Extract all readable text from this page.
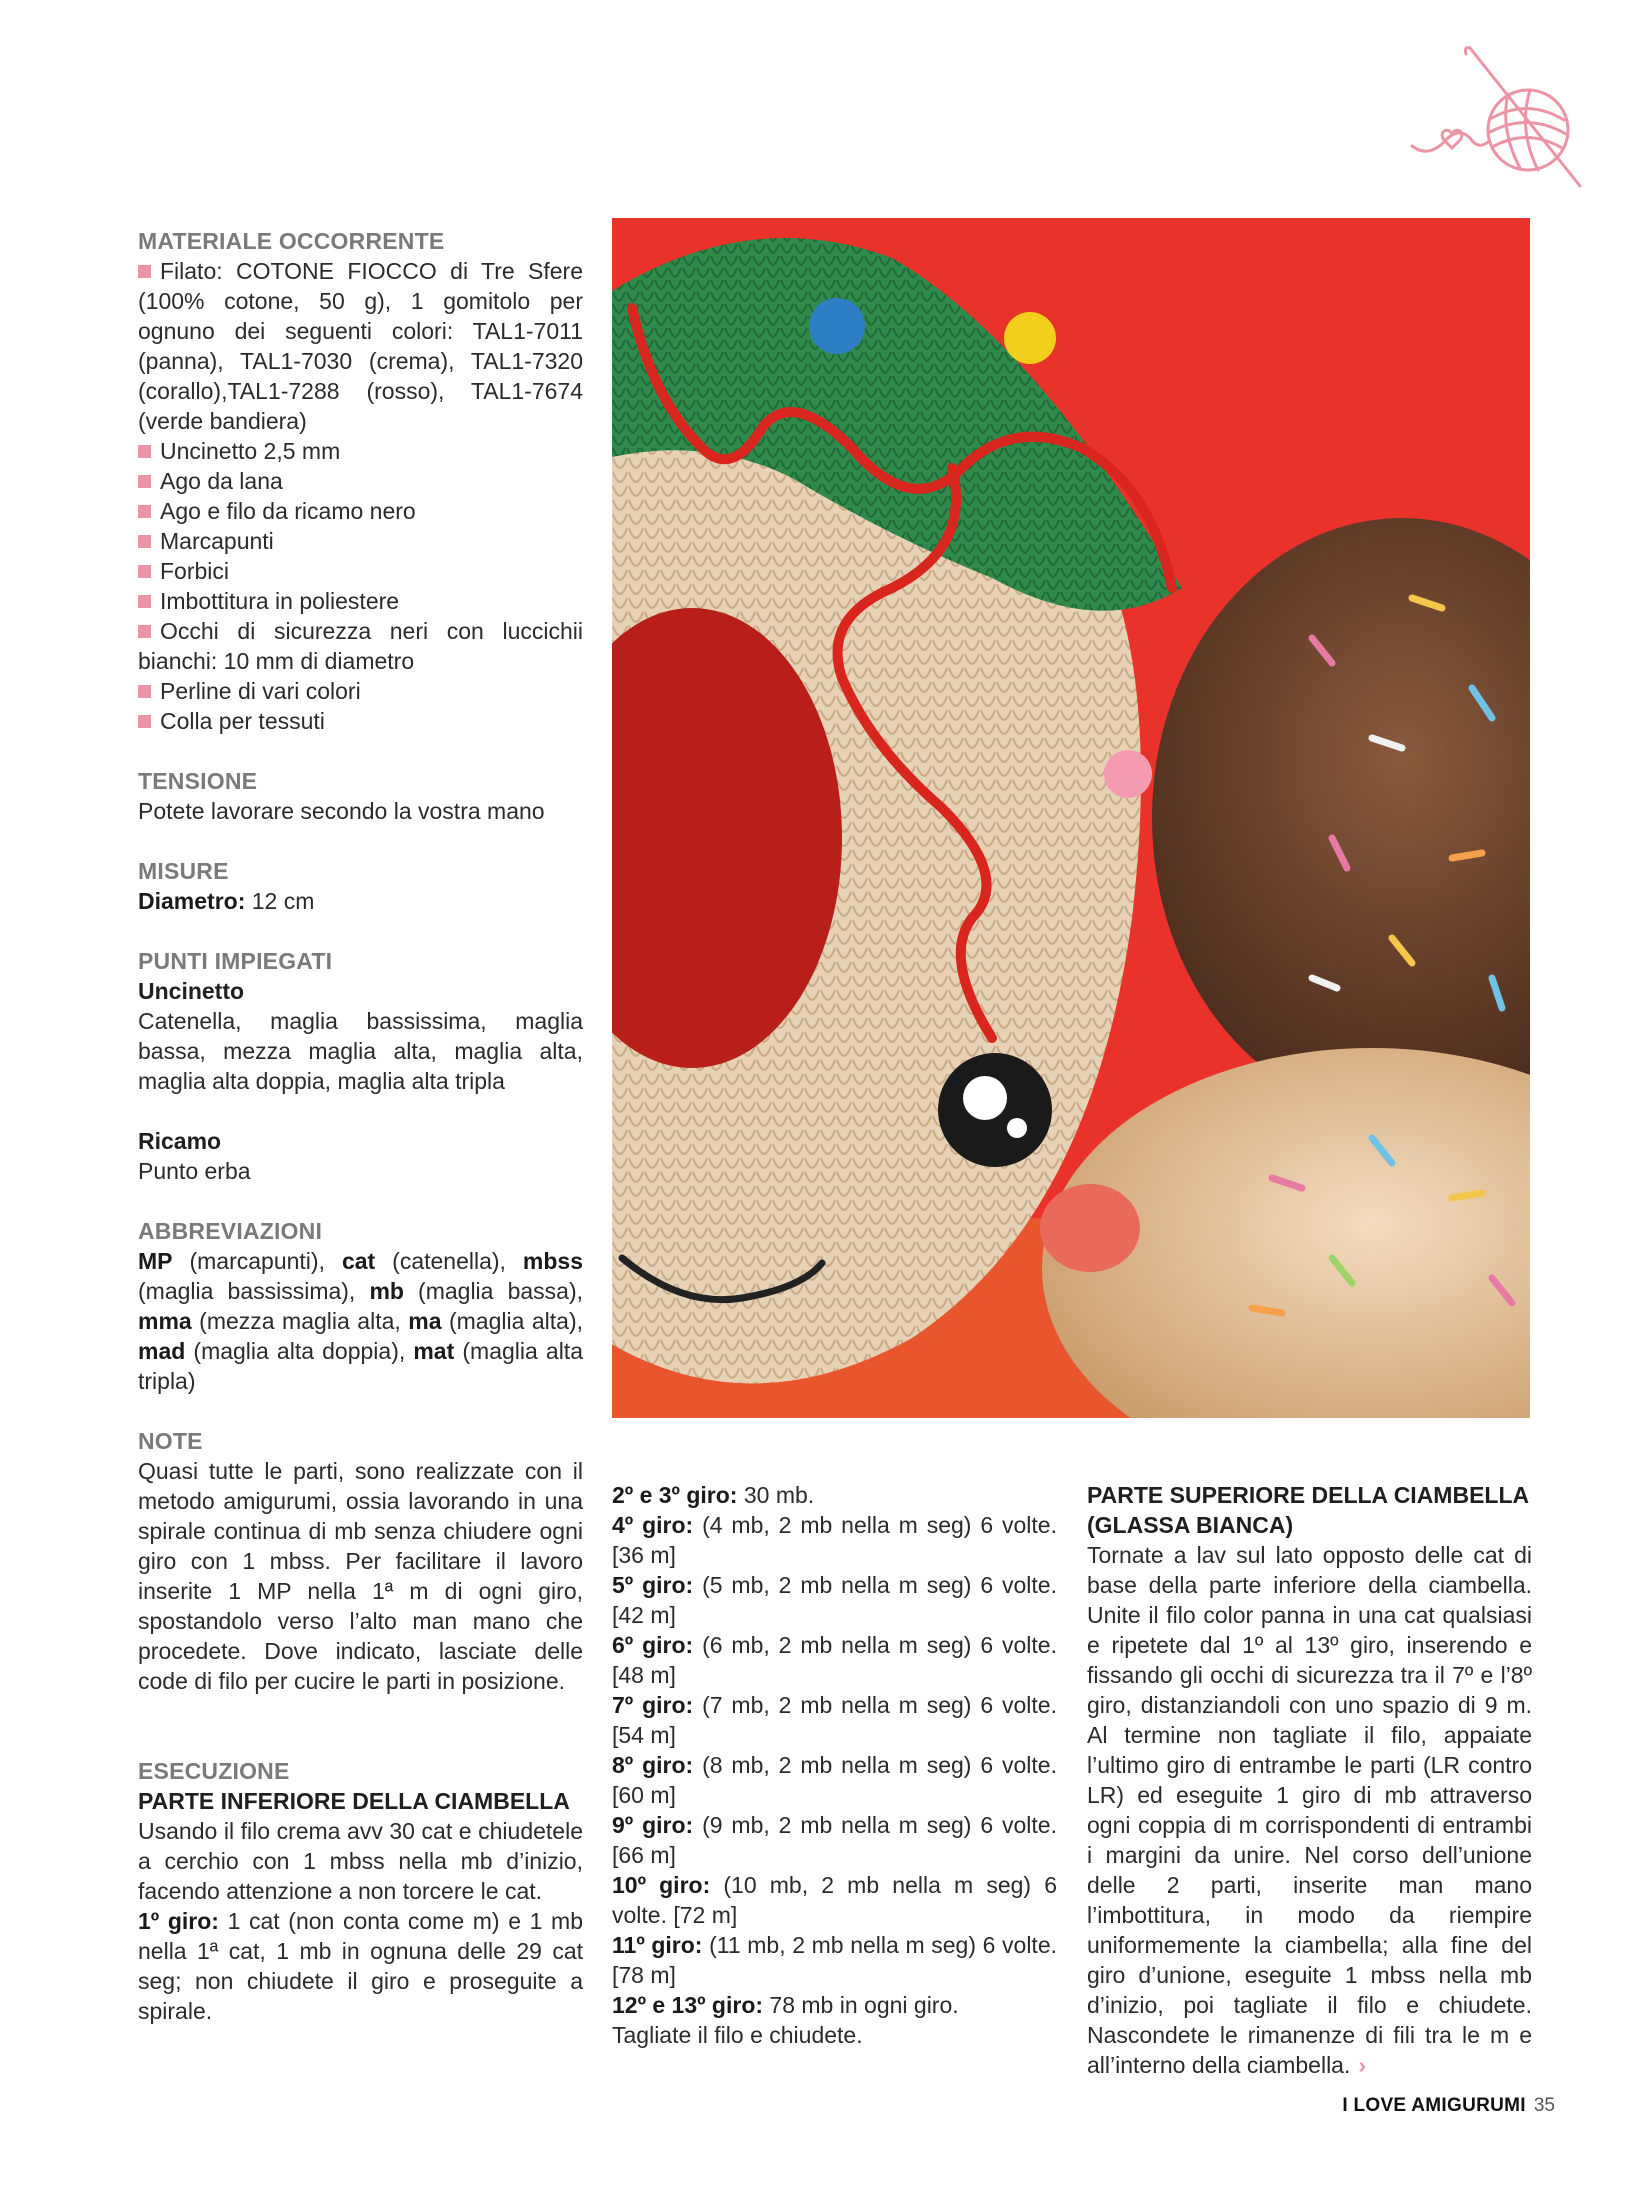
MATERIALE OCCORRENTE
Filato: COTONE FIOCCO di Tre Sfere (100% cotone, 50 g), 1 gomitolo per ognuno dei seguenti colori: TAL1-7011 (panna), TAL1-7030 (crema), TAL1-7320 (corallo),TAL1-7288 (rosso), TAL1-7674 (verde bandiera)
Uncinetto 2,5 mm
Ago da lana
Ago e filo da ricamo nero
Marcapunti
Forbici
Imbottitura in poliestere
Occhi di sicurezza neri con luccichii bianchi: 10 mm di diametro
Perline di vari colori
Colla per tessuti
TENSIONE

Potete lavorare secondo la vostra mano

MISURE

Diametro: 12 cm

PUNTI IMPIEGATI
Uncinetto

Catenella, maglia bassissima, maglia bassa, mezza maglia alta, maglia alta, maglia alta doppia, maglia alta tripla

Ricamo

Punto erba

ABBREVIAZIONI

MP (marcapunti), cat (catenella), mbss (maglia bassissima), mb (maglia bassa), mma (mezza maglia alta, ma (maglia alta), mad (maglia alta doppia), mat (maglia alta tripla)

NOTE

Quasi tutte le parti, sono realizzate con il metodo amigurumi, ossia lavorando in una spirale continua di mb senza chiudere ogni giro con 1 mbss. Per facilitare il lavoro inserite 1 MP nella 1ª m di ogni giro, spostandolo verso l’alto man mano che procedete. Dove indicato, lasciate delle code di filo per cucire le parti in posizione.

ESECUZIONE
PARTE INFERIORE DELLA CIAMBELLA

Usando il filo crema avv 30 cat e chiudetele a cerchio con 1 mbss nella mb d’inizio, facendo attenzione a non torcere le cat.

1º giro: 1 cat (non conta come m) e 1 mb nella 1ª cat, 1 mb in ognuna delle 29 cat seg; non chiudete il giro e proseguite a spirale.

2º e 3º giro: 30 mb.

4º giro: (4 mb, 2 mb nella m seg) 6 volte. [36 m]

5º giro: (5 mb, 2 mb nella m seg) 6 volte. [42 m]

6º giro: (6 mb, 2 mb nella m seg) 6 volte. [48 m]

7º giro: (7 mb, 2 mb nella m seg) 6 volte. [54 m]

8º giro: (8 mb, 2 mb nella m seg) 6 volte. [60 m]

9º giro: (9 mb, 2 mb nella m seg) 6 volte. [66 m]

10º giro: (10 mb, 2 mb nella m seg) 6 volte. [72 m]

11º giro: (11 mb, 2 mb nella m seg) 6 volte. [78 m]

12º e 13º giro: 78 mb in ogni giro.

Tagliate il filo e chiudete.

PARTE SUPERIORE DELLA CIAMBELLA (GLASSA BIANCA)

Tornate a lav sul lato opposto delle cat di base della parte inferiore della ciambella. Unite il filo color panna in una cat qualsiasi e ripetete dal 1º al 13º giro, inserendo e fissando gli occhi di sicurezza tra il 7º e l’8º giro, distanziandoli con uno spazio di 9 m. Al termine non tagliate il filo, appaiate l’ultimo giro di entrambe le parti (LR contro LR) ed eseguite 1 giro di mb attraverso ogni coppia di m corrispondenti di entrambi i margini da unire. Nel corso dell’unione delle 2 parti, inserite man mano l’imbottitura, in modo da riempire uniformemente la ciambella; alla fine del giro d’unione, eseguite 1 mbss nella mb d’inizio, poi tagliate il filo e chiudete. Nascondete le rimanenze di fili tra le m e all’interno della ciambella. ›

I LOVE AMIGURUMI 35
